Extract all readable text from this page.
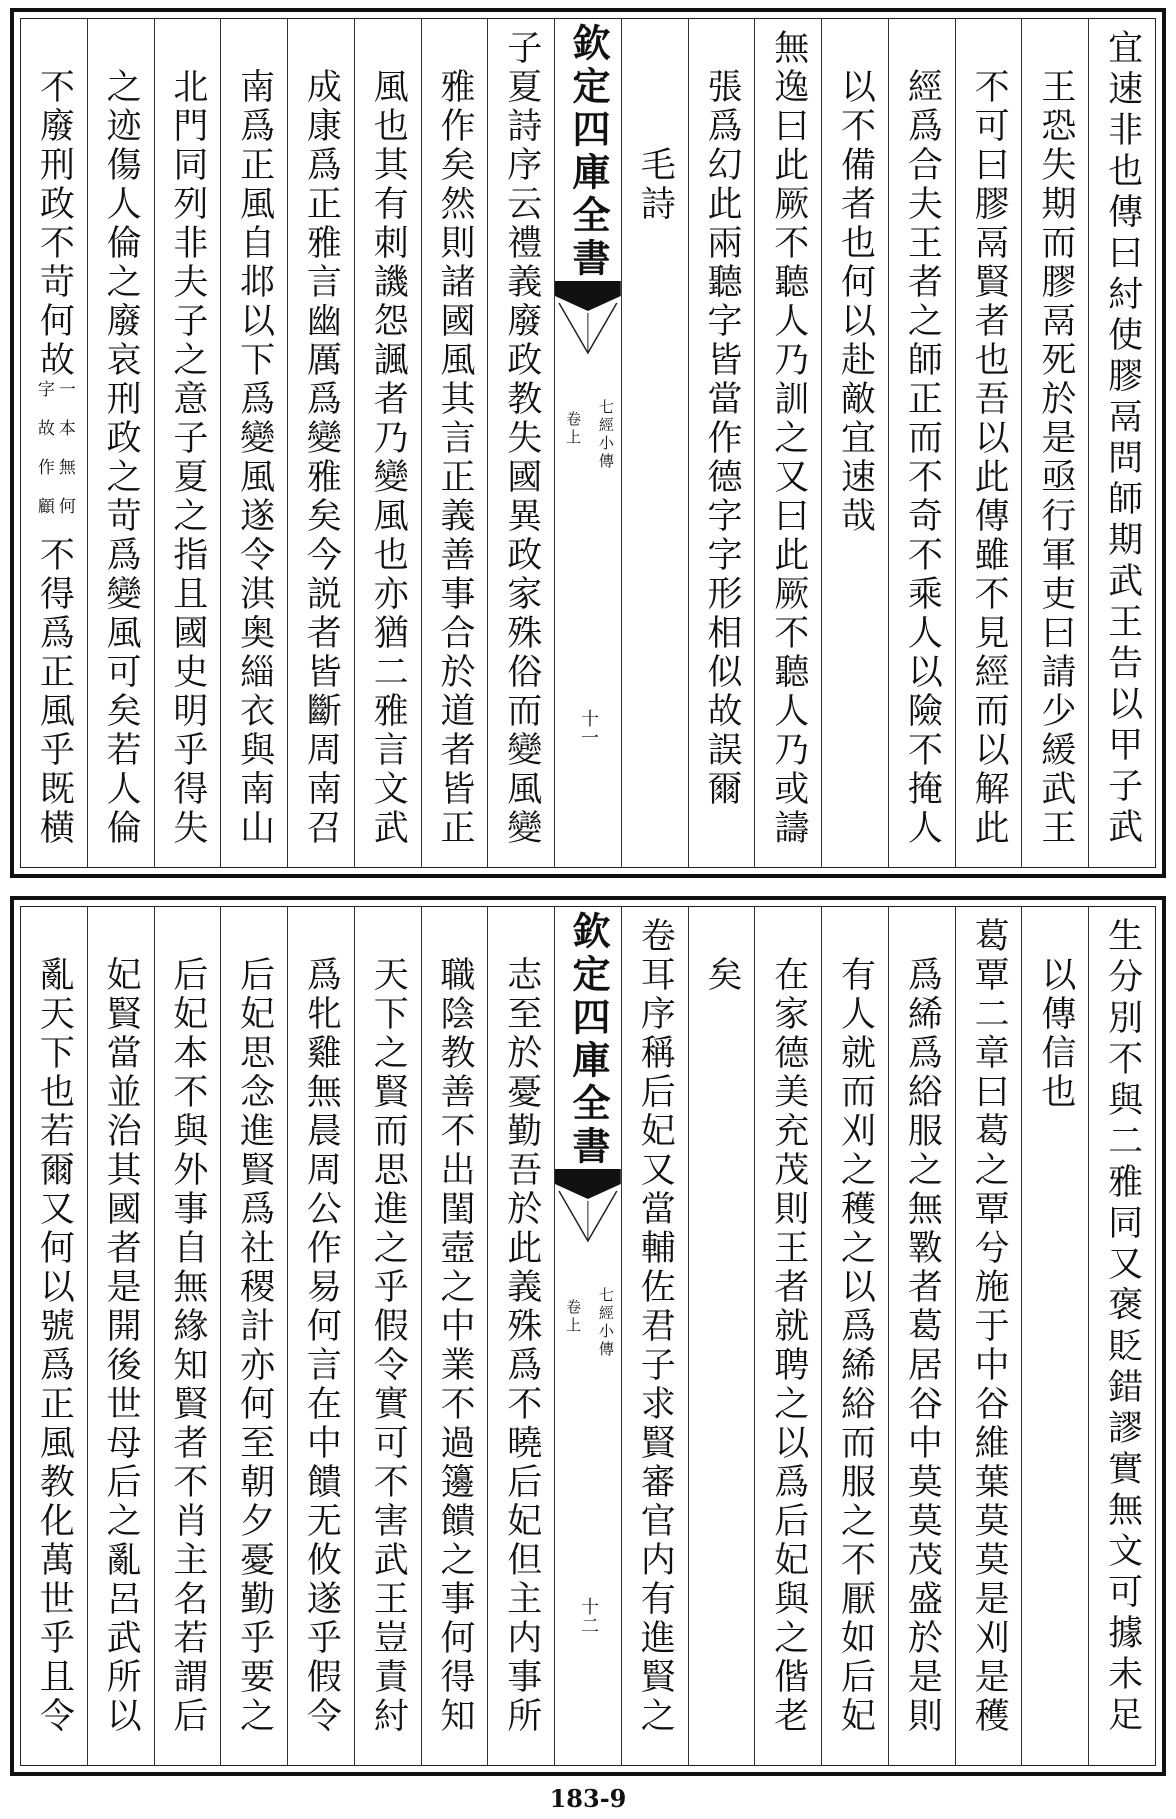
宜速非也傳曰紂使膠鬲問師期武王告以甲子武
王恐失期而膠鬲死於是亟行軍吏曰請少緩武王
不可曰膠鬲賢者也吾以此傳雖不見經而以解此
經爲合夫王者之師正而不奇不乘人以險不掩人
以不備者也何以赴敵宜速哉
無逸曰此厥不聽人乃訓之又曰此厥不聽人乃或譸
張爲幻此兩聽字皆當作德字字形相似故誤爾
毛詩
欽定四庫全書
七經小傳
卷上
十一
子夏詩序云禮義廢政教失國異政家殊俗而變風變
雅作矣然則諸國風其言正義善事合於道者皆正
風也其有刺譏怨諷者乃變風也亦猶二雅言文武
成康爲正雅言幽厲爲變雅矣今説者皆斷周南召
南爲正風自邶以下爲變風遂令淇奥緇衣與南山
北門同列非夫子之意子夏之指且國史明乎得失
之迹傷人倫之廢哀刑政之苛爲變風可矣若人倫
不廢刑政不苛何故
一本無何
字故作顧
不得爲正風乎既横
生分別不與二雅同又褒貶錯謬實無文可據未足
以傳信也
葛覃二章曰葛之覃兮施于中谷維葉莫莫是刈是穫
爲絺爲綌服之無斁者葛居谷中莫莫茂盛於是則
有人就而刈之穫之以爲絺綌而服之不厭如后妃
在家德美充茂則王者就聘之以爲后妃與之偕老
矣
卷耳序稱后妃又當輔佐君子求賢審官内有進賢之
欽定四庫全書
七經小傳
卷上
十二
志至於憂勤吾於此義殊爲不曉后妃但主内事所
職陰教善不出閨壼之中業不過籩饋之事何得知
天下之賢而思進之乎假令實可不害武王豈責紂
爲牝雞無晨周公作易何言在中饋无攸遂乎假令
后妃思念進賢爲社稷計亦何至朝夕憂勤乎要之
后妃本不與外事自無緣知賢者不肖主名若謂后
妃賢當並治其國者是開後世母后之亂呂武所以
亂天下也若爾又何以號爲正風教化萬世乎且令
183-9
